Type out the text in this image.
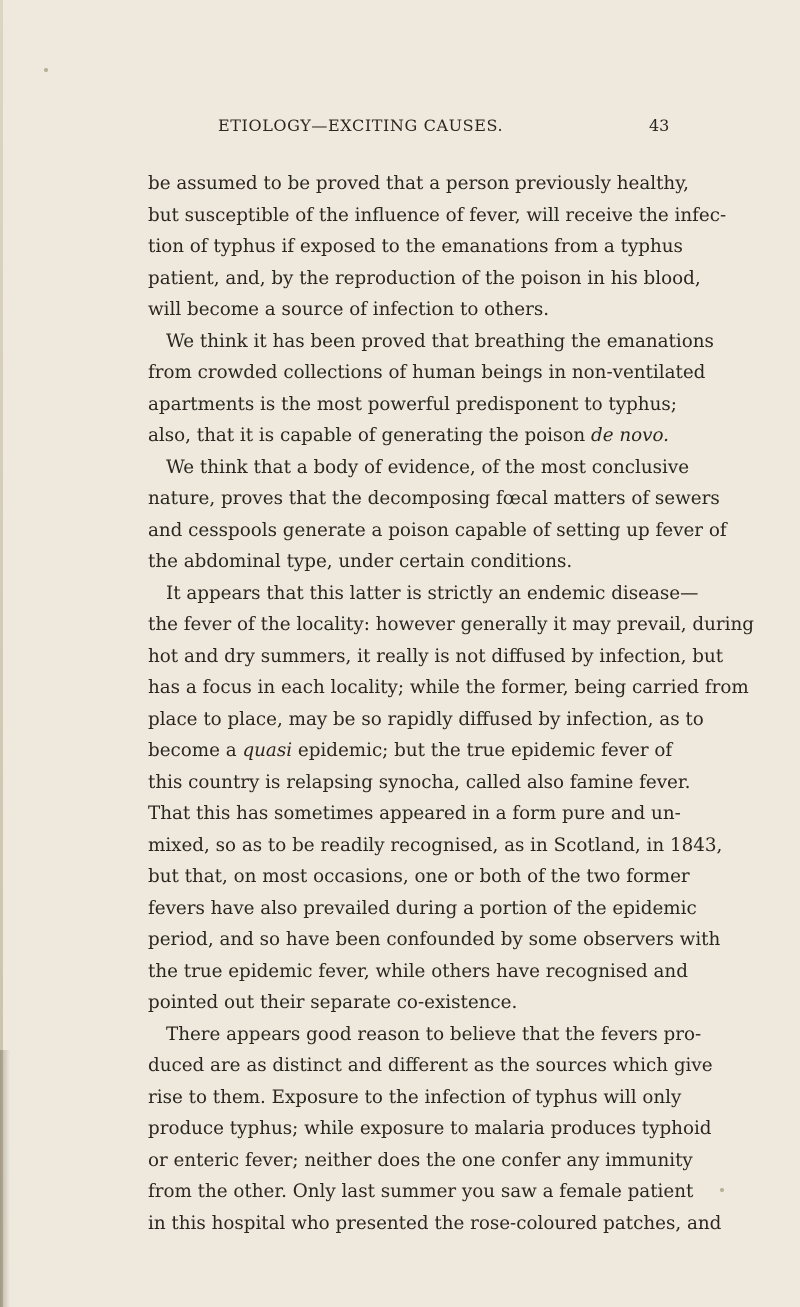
ETIOLOGY—EXCITING CAUSES.	43
be assumed to be proved that a person previously healthy,
but susceptible of the influence of fever, will receive the infec-
tion of typhus if exposed to the emanations from a typhus
patient, and, by the reproduction of the poison in his blood,
will become a source of infection to others.
We think it has been proved that breathing the emanations
from crowded collections of human beings in non-ventilated
apartments is the most powerful predisponent to typhus;
also, that it is capable of generating the poison de novo.
We think that a body of evidence, of the most conclusive
nature, proves that the decomposing fœcal matters of sewers
and cesspools generate a poison capable of setting up fever of
the abdominal type, under certain conditions.
It appears that this latter is strictly an endemic disease—
the fever of the locality: however generally it may prevail, during
hot and dry summers, it really is not diffused by infection, but
has a focus in each locality; while the former, being carried from
place to place, may be so rapidly diffused by infection, as to
become a quasi epidemic; but the true epidemic fever of
this country is relapsing synocha, called also famine fever.
That this has sometimes appeared in a form pure and un-
mixed, so as to be readily recognised, as in Scotland, in 1843,
but that, on most occasions, one or both of the two former
fevers have also prevailed during a portion of the epidemic
period, and so have been confounded by some observers with
the true epidemic fever, while others have recognised and
pointed out their separate co-existence.
There appears good reason to believe that the fevers pro-
duced are as distinct and different as the sources which give
rise to them. Exposure to the infection of typhus will only
produce typhus; while exposure to malaria produces typhoid
or enteric fever; neither does the one confer any immunity
from the other. Only last summer you saw a female patient
in this hospital who presented the rose-coloured patches, and
